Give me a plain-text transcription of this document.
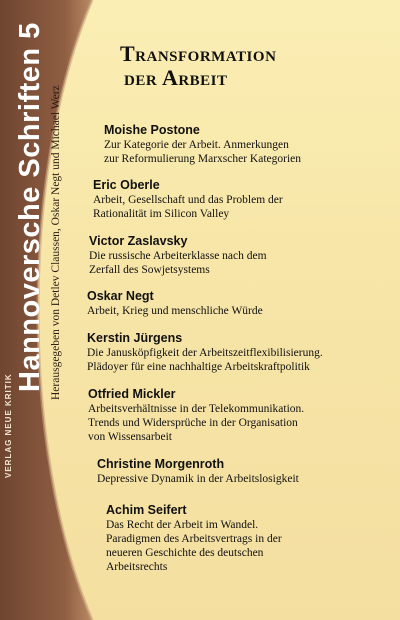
Hannoversche Schriften 5 Herausgegeben von Detlev Claussen, Oskar Negt und Michael Werz
VERLAG NEUE KRITIK
Transformation
der Arbeit
Moishe Postone
Zur Kategorie der Arbeit. Anmerkungen
zur Reformulierung Marxscher Kategorien
Eric Oberle
Arbeit, Gesellschaft und das Problem der
Rationalität im Silicon Valley
Victor Zaslavsky
Die russische Arbeiterklasse nach dem
Zerfall des Sowjetsystems
Oskar Negt
Arbeit, Krieg und menschliche Würde
Kerstin Jürgens
Die Janusköpfigkeit der Arbeitszeitflexibilisierung.
Plädoyer für eine nachhaltige Arbeitskraftpolitik
Otfried Mickler
Arbeitsverhältnisse in der Telekommunikation.
Trends und Widersprüche in der Organisation
von Wissensarbeit
Christine Morgenroth
Depressive Dynamik in der Arbeitslosigkeit
Achim Seifert
Das Recht der Arbeit im Wandel.
Paradigmen des Arbeitsvertrags in der
neueren Geschichte des deutschen
Arbeitsrechts
